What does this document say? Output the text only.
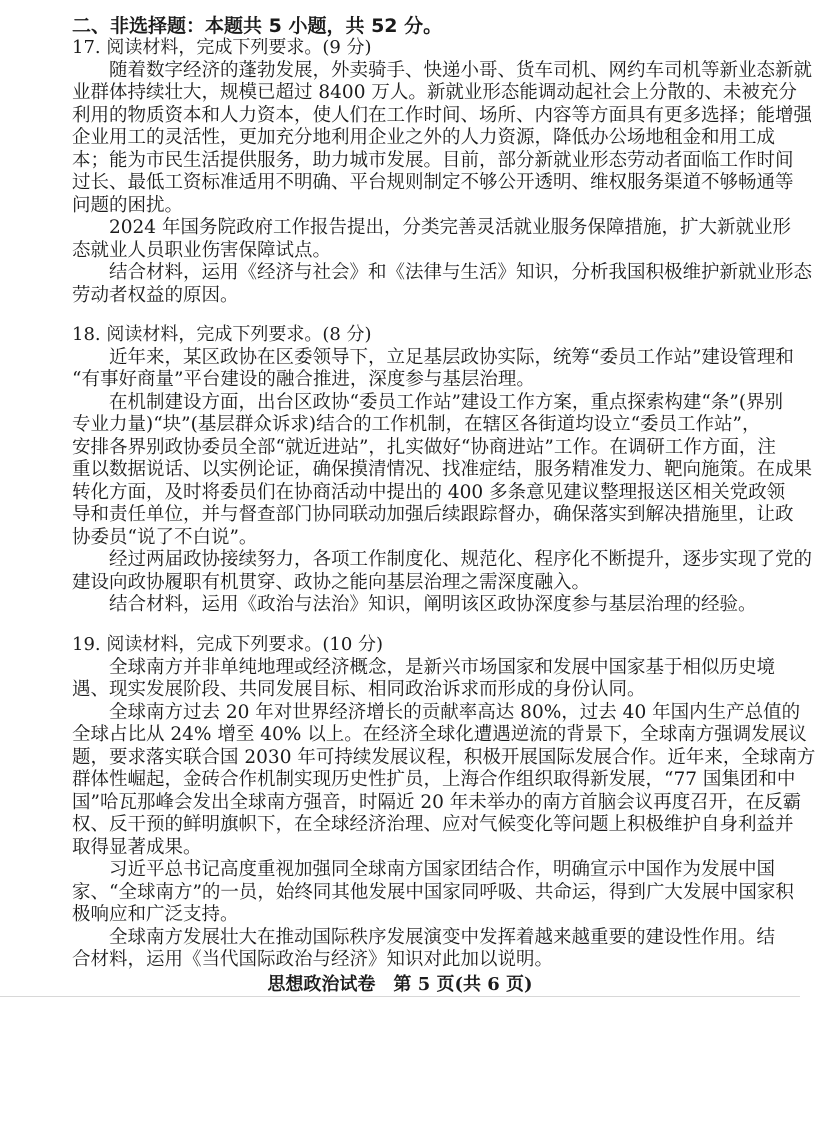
二、非选择题：本题共 5 小题，共 52 分。
17. 阅读材料，完成下列要求。(9 分)
随着数字经济的蓬勃发展，外卖骑手、快递小哥、货车司机、网约车司机等新业态新就
业群体持续壮大，规模已超过 8400 万人。新就业形态能调动起社会上分散的、未被充分
利用的物质资本和人力资本，使人们在工作时间、场所、内容等方面具有更多选择；能增强
企业用工的灵活性，更加充分地利用企业之外的人力资源，降低办公场地租金和用工成
本；能为市民生活提供服务，助力城市发展。目前，部分新就业形态劳动者面临工作时间
过长、最低工资标准适用不明确、平台规则制定不够公开透明、维权服务渠道不够畅通等
问题的困扰。
2024 年国务院政府工作报告提出，分类完善灵活就业服务保障措施，扩大新就业形
态就业人员职业伤害保障试点。
结合材料，运用《经济与社会》和《法律与生活》知识，分析我国积极维护新就业形态
劳动者权益的原因。
18. 阅读材料，完成下列要求。(8 分)
近年来，某区政协在区委领导下，立足基层政协实际，统筹“委员工作站”建设管理和
“有事好商量”平台建设的融合推进，深度参与基层治理。
在机制建设方面，出台区政协“委员工作站”建设工作方案，重点探索构建“条”(界别
专业力量)“块”(基层群众诉求)结合的工作机制，在辖区各街道均设立“委员工作站”，
安排各界别政协委员全部“就近进站”，扎实做好“协商进站”工作。在调研工作方面，注
重以数据说话、以实例论证，确保摸清情况、找准症结，服务精准发力、靶向施策。在成果
转化方面，及时将委员们在协商活动中提出的 400 多条意见建议整理报送区相关党政领
导和责任单位，并与督查部门协同联动加强后续跟踪督办，确保落实到解决措施里，让政
协委员“说了不白说”。
经过两届政协接续努力，各项工作制度化、规范化、程序化不断提升，逐步实现了党的
建设向政协履职有机贯穿、政协之能向基层治理之需深度融入。
结合材料，运用《政治与法治》知识，阐明该区政协深度参与基层治理的经验。
19. 阅读材料，完成下列要求。(10 分)
全球南方并非单纯地理或经济概念，是新兴市场国家和发展中国家基于相似历史境
遇、现实发展阶段、共同发展目标、相同政治诉求而形成的身份认同。
全球南方过去 20 年对世界经济增长的贡献率高达 80%，过去 40 年国内生产总值的
全球占比从 24% 增至 40% 以上。在经济全球化遭遇逆流的背景下，全球南方强调发展议
题，要求落实联合国 2030 年可持续发展议程，积极开展国际发展合作。近年来，全球南方
群体性崛起，金砖合作机制实现历史性扩员，上海合作组织取得新发展，“77 国集团和中
国”哈瓦那峰会发出全球南方强音，时隔近 20 年未举办的南方首脑会议再度召开，在反霸
权、反干预的鲜明旗帜下，在全球经济治理、应对气候变化等问题上积极维护自身利益并
取得显著成果。
习近平总书记高度重视加强同全球南方国家团结合作，明确宣示中国作为发展中国
家、“全球南方”的一员，始终同其他发展中国家同呼吸、共命运，得到广大发展中国家积
极响应和广泛支持。
全球南方发展壮大在推动国际秩序发展演变中发挥着越来越重要的建设性作用。结
合材料，运用《当代国际政治与经济》知识对此加以说明。
思想政治试卷　第 5 页(共 6 页)
